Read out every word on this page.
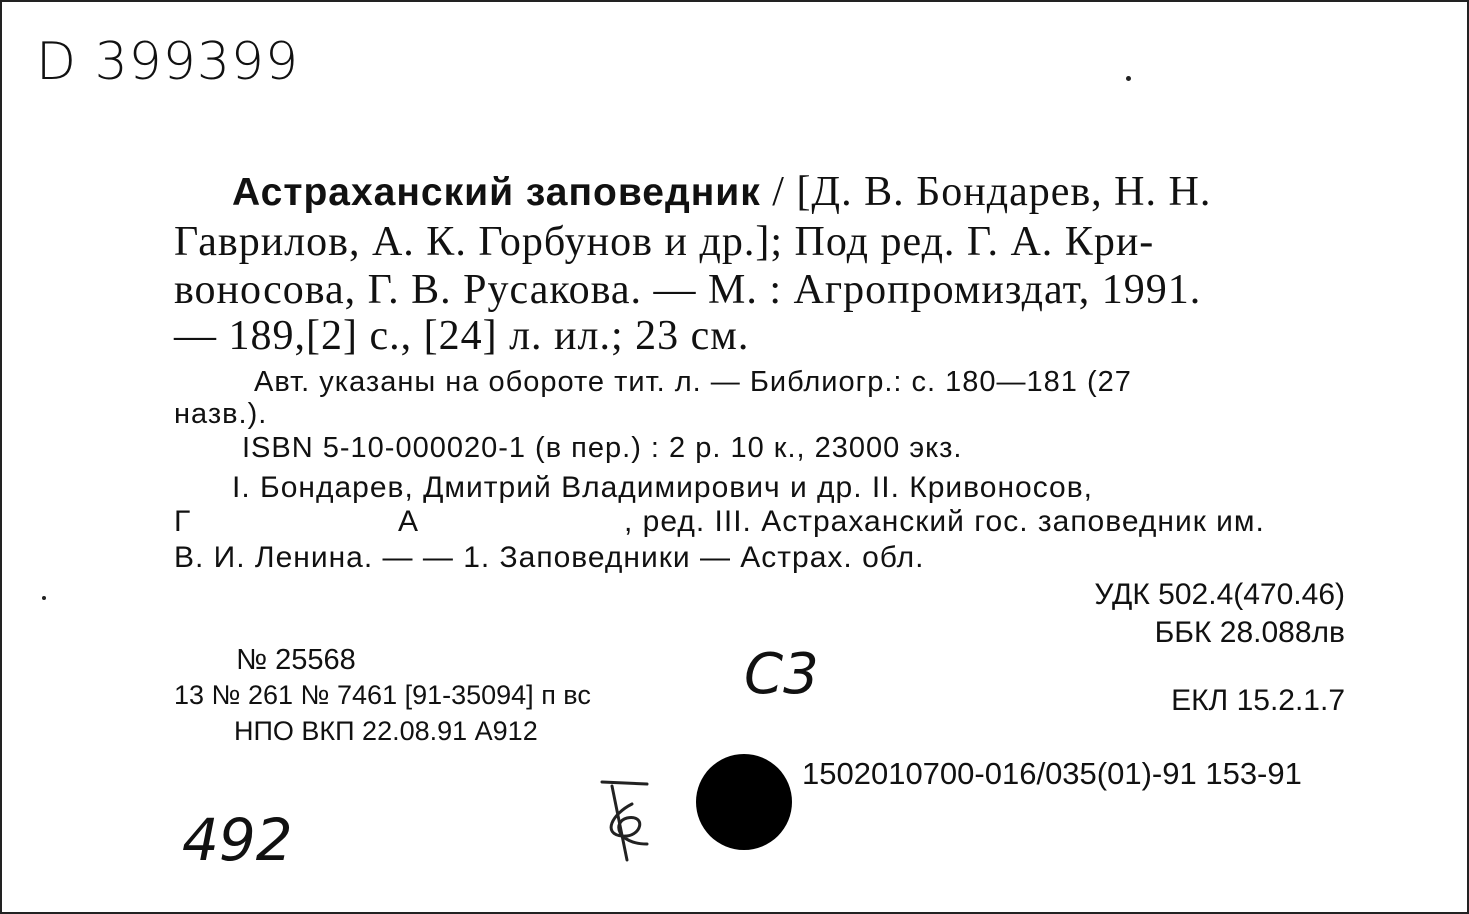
D 399399
Астраханский заповедник / [Д. В. Бондарев, Н. Н.
Гаврилов, А. К. Горбунов и др.]; Под ред. Г. А. Кри-
воносова, Г. В. Русакова. — М. : Агропромиздат, 1991.
— 189,[2] с., [24] л. ил.; 23 см.
Авт. указаны на обороте тит. л. — Библиогр.: с. 180—181 (27
назв.).
ISBN 5-10-000020-1 (в пер.) : 2 р. 10 к., 23000 экз.
I. Бондарев, Дмитрий Владимирович и др. II. Кривоносов,
Г	А	, ред. III. Астраханский гос. заповедник им.
В. И. Ленина. — — 1. Заповедники — Астрах. обл.
УДК 502.4(470.46)
ББК 28.088лв
ЕКЛ 15.2.1.7
1502010700-016/035(01)-91 153-91
№ 25568
13 № 261 № 7461 [91-35094] п вс
НПО ВКП 22.08.91 А912
С3
492
